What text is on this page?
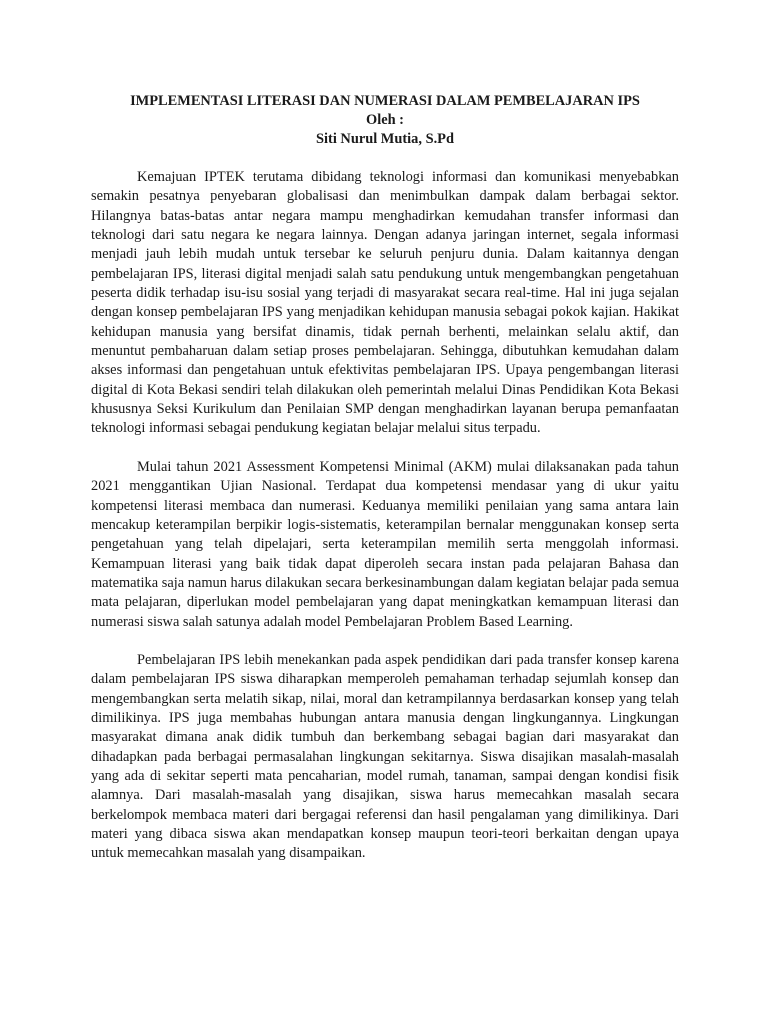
IMPLEMENTASI LITERASI DAN NUMERASI DALAM PEMBELAJARAN IPS
Oleh :
Siti Nurul Mutia, S.Pd

Kemajuan IPTEK terutama dibidang teknologi informasi dan komunikasi menyebabkan semakin pesatnya penyebaran globalisasi dan menimbulkan dampak dalam berbagai sektor. Hilangnya batas-batas antar negara mampu menghadirkan kemudahan transfer informasi dan teknologi dari satu negara ke negara lainnya. Dengan adanya jaringan internet, segala informasi menjadi jauh lebih mudah untuk tersebar ke seluruh penjuru dunia. Dalam kaitannya dengan pembelajaran IPS, literasi digital menjadi salah satu pendukung untuk mengembangkan pengetahuan peserta didik terhadap isu-isu sosial yang terjadi di masyarakat secara real-time. Hal ini juga sejalan dengan konsep pembelajaran IPS yang menjadikan kehidupan manusia sebagai pokok kajian. Hakikat kehidupan manusia yang bersifat dinamis, tidak pernah berhenti, melainkan selalu aktif, dan menuntut pembaharuan dalam setiap proses pembelajaran. Sehingga, dibutuhkan kemudahan dalam akses informasi dan pengetahuan untuk efektivitas pembelajaran IPS. Upaya pengembangan literasi digital di Kota Bekasi sendiri telah dilakukan oleh pemerintah melalui Dinas Pendidikan Kota Bekasi khususnya Seksi Kurikulum dan Penilaian SMP dengan menghadirkan layanan berupa pemanfaatan teknologi informasi sebagai pendukung kegiatan belajar melalui situs terpadu.

Mulai tahun 2021 Assessment Kompetensi Minimal (AKM) mulai dilaksanakan pada tahun 2021 menggantikan Ujian Nasional. Terdapat dua kompetensi mendasar yang di ukur yaitu kompetensi literasi membaca dan numerasi. Keduanya memiliki penilaian yang sama antara lain mencakup keterampilan berpikir logis-sistematis, keterampilan bernalar menggunakan konsep serta pengetahuan yang telah dipelajari, serta keterampilan memilih serta menggolah informasi. Kemampuan literasi yang baik tidak dapat diperoleh secara instan pada pelajaran Bahasa dan matematika saja namun harus dilakukan secara berkesinambungan dalam kegiatan belajar pada semua mata pelajaran, diperlukan model pembelajaran yang dapat meningkatkan kemampuan literasi dan numerasi siswa salah satunya adalah model Pembelajaran Problem Based Learning.

Pembelajaran IPS lebih menekankan pada aspek pendidikan dari pada transfer konsep karena dalam pembelajaran IPS siswa diharapkan memperoleh pemahaman terhadap sejumlah konsep dan mengembangkan serta melatih sikap, nilai, moral dan ketrampilannya berdasarkan konsep yang telah dimilikinya. IPS juga membahas hubungan antara manusia dengan lingkungannya. Lingkungan masyarakat dimana anak didik tumbuh dan berkembang sebagai bagian dari masyarakat dan dihadapkan pada berbagai permasalahan lingkungan sekitarnya. Siswa disajikan masalah-masalah yang ada di sekitar seperti mata pencaharian, model rumah, tanaman, sampai dengan kondisi fisik alamnya. Dari masalah-masalah yang disajikan, siswa harus memecahkan masalah secara berkelompok membaca materi dari bergagai referensi dan hasil pengalaman yang dimilikinya. Dari materi yang dibaca siswa akan mendapatkan konsep maupun teori-teori berkaitan dengan upaya untuk memecahkan masalah yang disampaikan.
